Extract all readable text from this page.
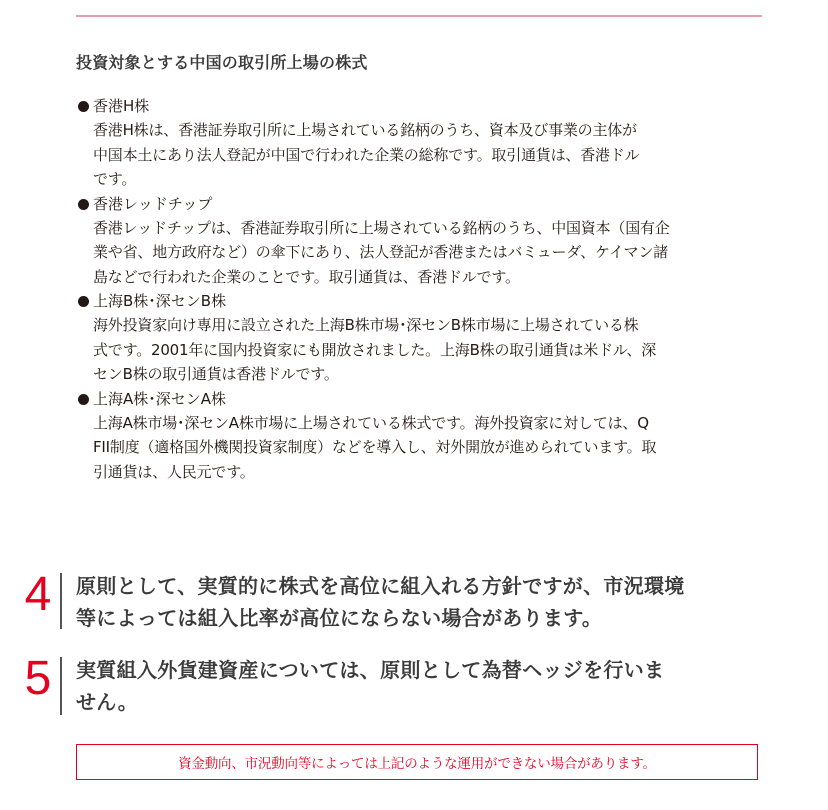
投資対象とする中国の取引所上場の株式
香港H株
香港H株は、香港証券取引所に上場されている銘柄のうち、資本及び事業の主体が
中国本土にあり法人登記が中国で行われた企業の総称です。取引通貨は、香港ドル
です。
香港レッドチップ
香港レッドチップは、香港証券取引所に上場されている銘柄のうち、中国資本（国有企
業や省、地方政府など）の傘下にあり、法人登記が香港またはバミューダ、ケイマン諸
島などで行われた企業のことです。取引通貨は、香港ドルです。
上海B株･深センB株
海外投資家向け専用に設立された上海B株市場･深センB株市場に上場されている株
式です。2001年に国内投資家にも開放されました。上海B株の取引通貨は米ドル、深
センB株の取引通貨は香港ドルです。
上海A株･深センA株
上海A株市場･深センA株市場に上場されている株式です。海外投資家に対しては、Q
FII制度（適格国外機関投資家制度）などを導入し、対外開放が進められています。取
引通貨は、人民元です。
4 原則として、実質的に株式を高位に組入れる方針ですが、市況環境
等によっては組入比率が高位にならない場合があります。
5 実質組入外貨建資産については、原則として為替ヘッジを行いま
せん。
資金動向、市況動向等によっては上記のような運用ができない場合があります。
